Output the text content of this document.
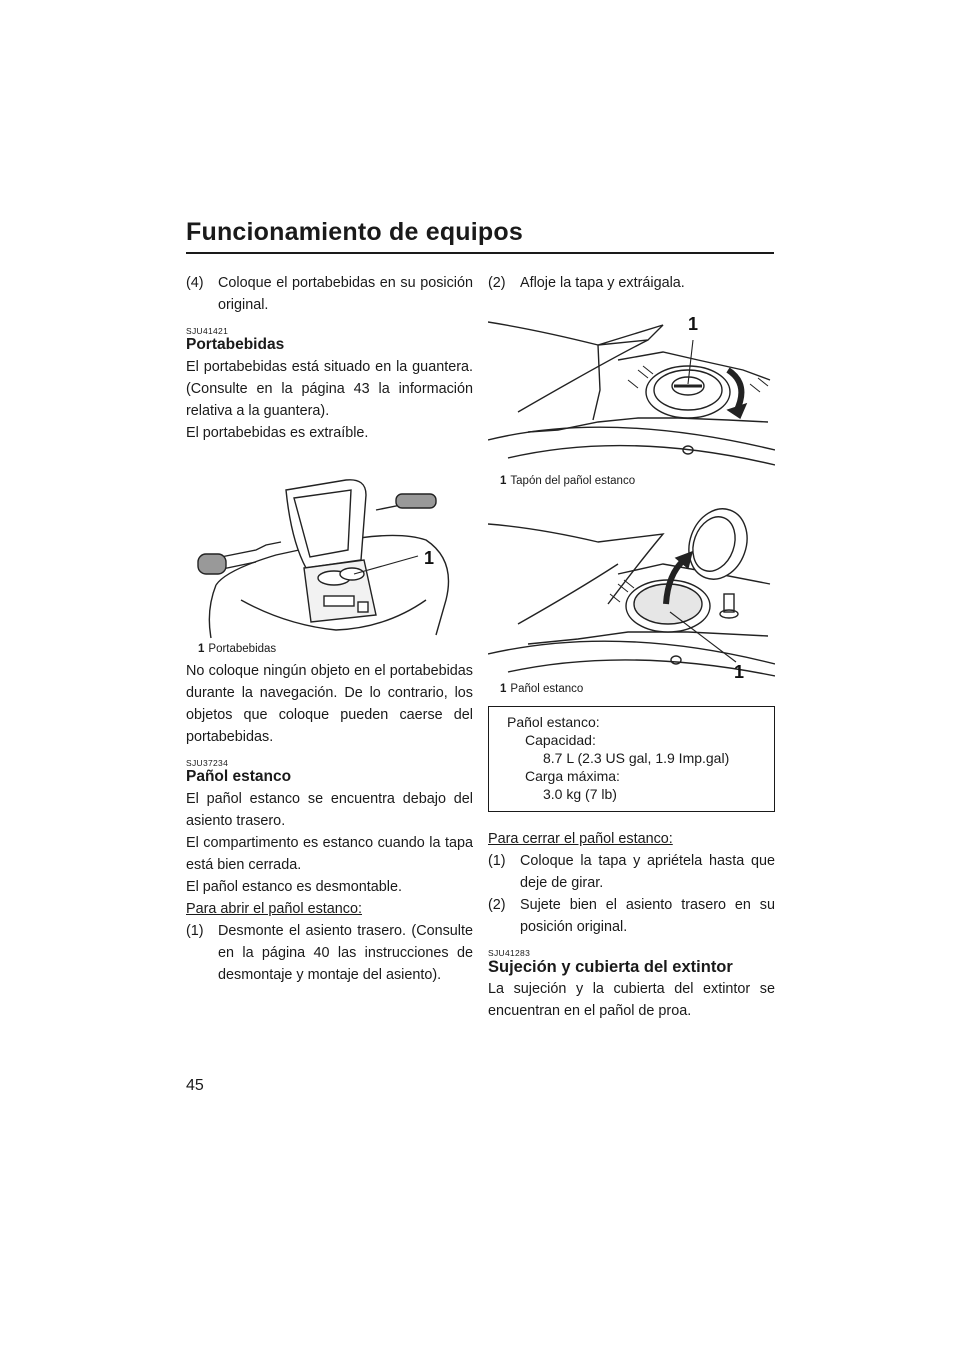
Funcionamiento de equipos
(4)	Coloque el portabebidas en su posición original.
SJU41421
Portabebidas

El portabebidas está situado en la guantera. (Consulte en la página 43 la información relativa a la guantera).

El portabebidas es extraíble.

1
1 Portabebidas

No coloque ningún objeto en el portabebidas durante la navegación. De lo contrario, los objetos que coloque pueden caerse del portabebidas.

SJU37234
Pañol estanco

El pañol estanco se encuentra debajo del asiento trasero.

El compartimento es estanco cuando la tapa está bien cerrada.

El pañol estanco es desmontable.

Para abrir el pañol estanco:

(1)	Desmonte el asiento trasero. (Consulte en la página 40 las instrucciones de desmontaje y montaje del asiento).
(2)	Afloje la tapa y extráigala.
1
1 Tapón del pañol estanco
1
1 Pañol estanco
Pañol estanco:
Capacidad:
8.7 L (2.3 US gal, 1.9 Imp.gal)
Carga máxima:
3.0 kg (7 lb)

Para cerrar el pañol estanco:

(1)	Coloque la tapa y apriétela hasta que deje de girar.
(2)	Sujete bien el asiento trasero en su posición original.
SJU41283
Sujeción y cubierta del extintor

La sujeción y la cubierta del extintor se encuentran en el pañol de proa.

45
